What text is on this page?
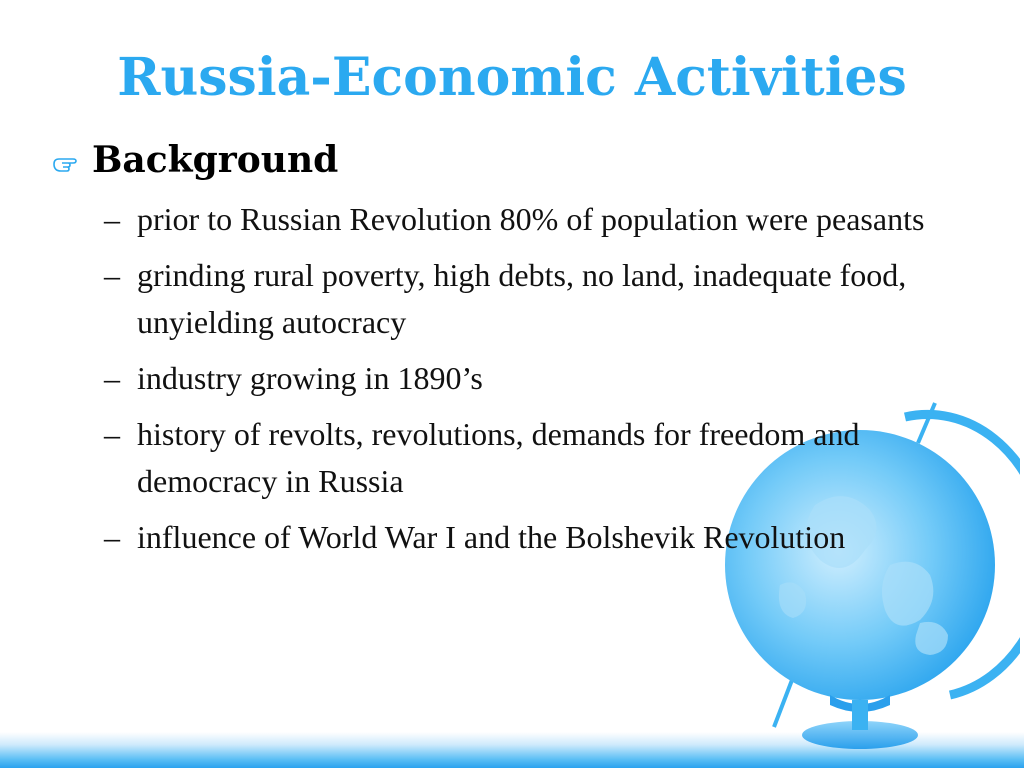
Russia-Economic Activities
Background
– prior to Russian Revolution 80% of population were peasants
– grinding rural poverty, high debts, no land, inadequate food, unyielding autocracy
– industry growing in 1890’s
– history of revolts, revolutions, demands for freedom and democracy in Russia
– influence of World War I and the Bolshevik Revolution
